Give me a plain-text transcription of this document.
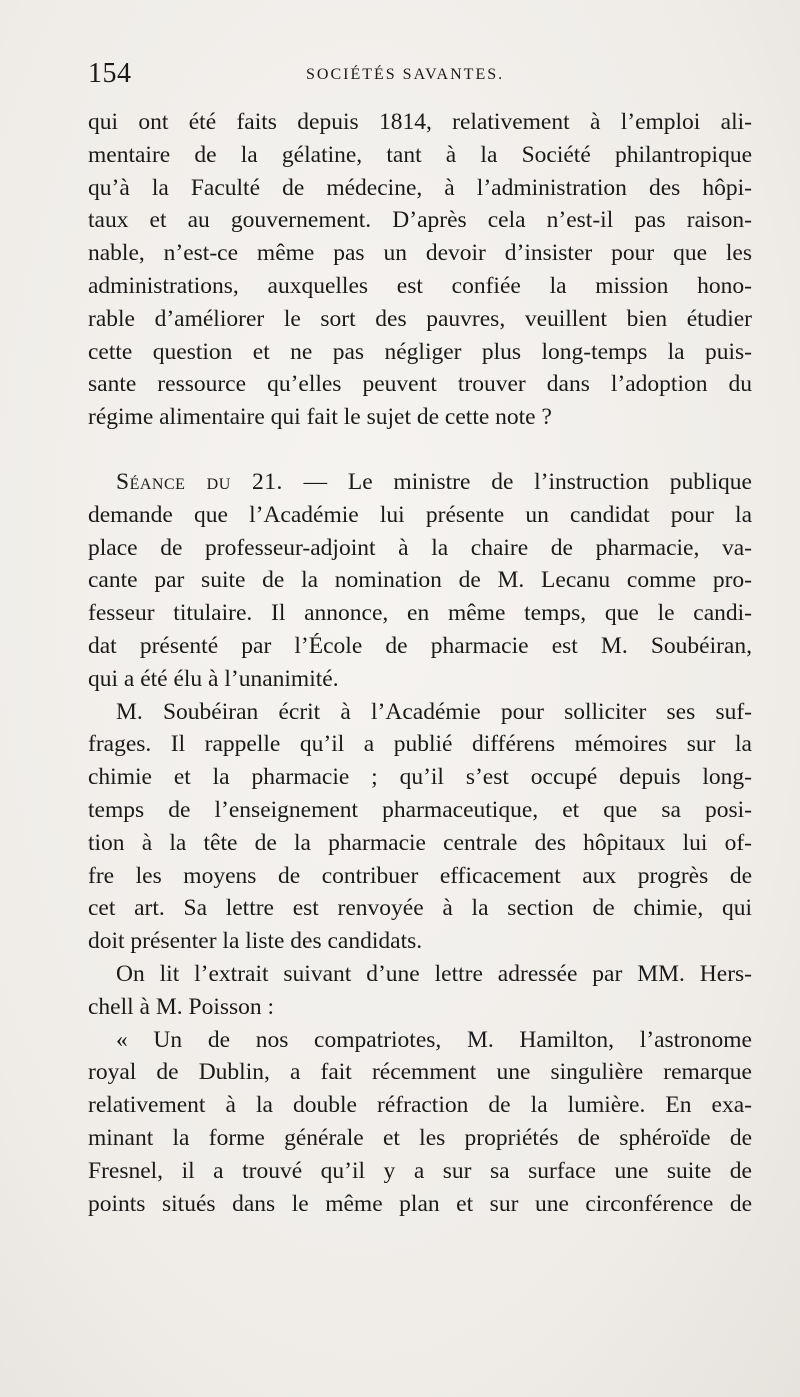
154	SOCIÉTÉS SAVANTES.
qui ont été faits depuis 1814, relativement à l’emploi ali-
mentaire de la gélatine, tant à la Société philantropique
qu’à la Faculté de médecine, à l’administration des hôpi-
taux et au gouvernement. D’après cela n’est-il pas raison-
nable, n’est-ce même pas un devoir d’insister pour que les
administrations, auxquelles est confiée la mission hono-
rable d’améliorer le sort des pauvres, veuillent bien étudier
cette question et ne pas négliger plus long-temps la puis-
sante ressource qu’elles peuvent trouver dans l’adoption du
régime alimentaire qui fait le sujet de cette note ?
Séance du 21. — Le ministre de l’instruction publique
demande que l’Académie lui présente un candidat pour la
place de professeur-adjoint à la chaire de pharmacie, va-
cante par suite de la nomination de M. Lecanu comme pro-
fesseur titulaire. Il annonce, en même temps, que le candi-
dat présenté par l’École de pharmacie est M. Soubéiran,
qui a été élu à l’unanimité.
M. Soubéiran écrit à l’Académie pour solliciter ses suf-
frages. Il rappelle qu’il a publié différens mémoires sur la
chimie et la pharmacie ; qu’il s’est occupé depuis long-
temps de l’enseignement pharmaceutique, et que sa posi-
tion à la tête de la pharmacie centrale des hôpitaux lui of-
fre les moyens de contribuer efficacement aux progrès de
cet art. Sa lettre est renvoyée à la section de chimie, qui
doit présenter la liste des candidats.
On lit l’extrait suivant d’une lettre adressée par MM. Hers-
chell à M. Poisson :
« Un de nos compatriotes, M. Hamilton, l’astronome
royal de Dublin, a fait récemment une singulière remarque
relativement à la double réfraction de la lumière. En exa-
minant la forme générale et les propriétés de sphéroïde de
Fresnel, il a trouvé qu’il y a sur sa surface une suite de
points situés dans le même plan et sur une circonférence de
